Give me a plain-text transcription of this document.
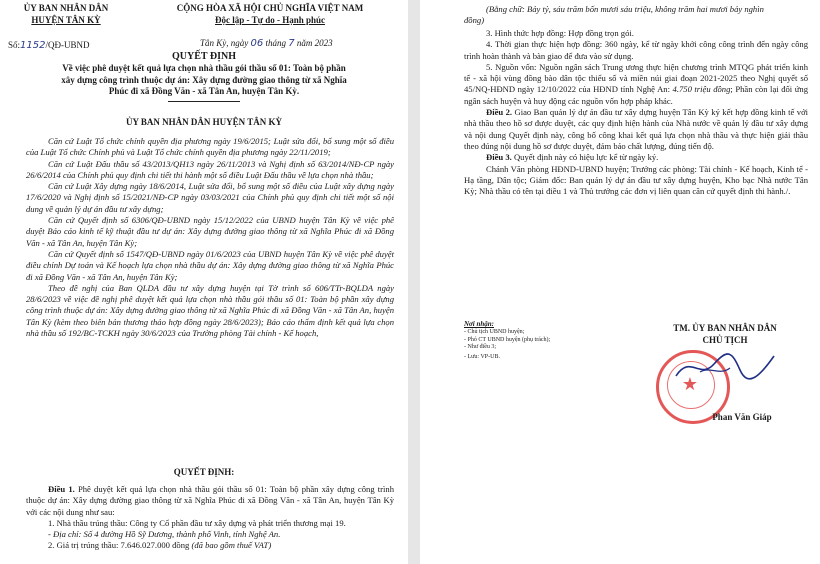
ỦY BAN NHÂN DÂN
HUYỆN TÂN KỲ
Số:1152/QĐ-UBND
CỘNG HÒA XÃ HỘI CHỦ NGHĨA VIỆT NAM
Độc lập - Tự do - Hạnh phúc
Tân Kỳ, ngày 06 tháng 7 năm 2023
QUYẾT ĐỊNH
Về việc phê duyệt kết quả lựa chọn nhà thầu gói thầu số 01: Toàn bộ phần
xây dựng công trình thuộc dự án: Xây dựng đường giao thông từ xã Nghĩa
Phúc đi xã Đồng Văn - xã Tân An, huyện Tân Kỳ.
ỦY BAN NHÂN DÂN HUYỆN TÂN KỲ

Căn cứ Luật Tổ chức chính quyền địa phương ngày 19/6/2015; Luật sửa đổi, bổ sung một số điều của Luật Tổ chức Chính phủ và Luật Tổ chức chính quyền địa phương ngày 22/11/2019;

Căn cứ Luật Đấu thầu số 43/2013/QH13 ngày 26/11/2013 và Nghị định số 63/2014/NĐ-CP ngày 26/6/2014 của Chính phủ quy định chi tiết thi hành một số điều Luật Đấu thầu về lựa chọn nhà thầu;

Căn cứ Luật Xây dựng ngày 18/6/2014, Luật sửa đổi, bổ sung một số điều của Luật xây dựng ngày 17/6/2020 và Nghị định số 15/2021/NĐ-CP ngày 03/03/2021 của Chính phủ quy định chi tiết một số nội dung về quản lý dự án đầu tư xây dựng;

Căn cứ Quyết định số 6306/QĐ-UBND ngày 15/12/2022 của UBND huyện Tân Kỳ về việc phê duyệt Báo cáo kinh tế kỹ thuật đầu tư dự án: Xây dựng đường giao thông từ xã Nghĩa Phúc đi xã Đồng Văn - xã Tân An, huyện Tân Kỳ;

Căn cứ Quyết định số 1547/QĐ-UBND ngày 01/6/2023 của UBND huyện Tân Kỳ về việc phê duyệt điều chỉnh Dự toán và Kế hoạch lựa chọn nhà thầu dự án: Xây dựng đường giao thông từ xã Nghĩa Phúc đi xã Đồng Văn - xã Tân An, huyện Tân Kỳ;

Theo đề nghị của Ban QLDA đầu tư xây dựng huyện tại Tờ trình số 606/TTr-BQLDA ngày 28/6/2023 về việc đề nghị phê duyệt kết quả lựa chọn nhà thầu gói thầu số 01: Toàn bộ phần xây dựng công trình thuộc dự án: Xây dựng đường giao thông từ xã Nghĩa Phúc đi xã Đồng Văn - xã Tân An, huyện Tân Kỳ (kèm theo biên bản thương thảo hợp đồng ngày 28/6/2023); Báo cáo thẩm định kết quả lựa chọn nhà thầu số 192/BC-TCKH ngày 30/6/2023 của Trường phòng Tài chính - Kế hoạch,

QUYẾT ĐỊNH:

Điều 1. Phê duyệt kết quả lựa chọn nhà thầu gói thầu số 01: Toàn bộ phần xây dựng công trình thuộc dự án: Xây dựng đường giao thông từ xã Nghĩa Phúc đi xã Đồng Văn - xã Tân An, huyện Tân Kỳ với các nội dung như sau:

1. Nhà thầu trúng thầu: Công ty Cổ phần đầu tư xây dựng và phát triển thương mại 19.

- Địa chỉ: Số 4 đường Hồ Sỹ Dương, thành phố Vinh, tỉnh Nghệ An.

2. Giá trị trúng thầu: 7.646.027.000 đồng (đã bao gồm thuế VAT)

(Bằng chữ: Bảy tỷ, sáu trăm bốn mươi sáu triệu, không trăm hai mươi bảy nghìn

đồng)

3. Hình thức hợp đồng: Hợp đồng trọn gói.

4. Thời gian thực hiện hợp đồng: 360 ngày, kể từ ngày khởi công công trình đến ngày công trình hoàn thành và bàn giao để đưa vào sử dụng.

5. Nguồn vốn: Nguồn ngân sách Trung ương thực hiện chương trình MTQG phát triển kinh tế - xã hội vùng đồng bào dân tộc thiểu số và miền núi giai đoạn 2021-2025 theo Nghị quyết số 45/NQ-HĐND ngày 12/10/2022 của HĐND tỉnh Nghệ An: 4.750 triệu đồng; Phần còn lại đối ứng ngân sách huyện và huy động các nguồn vốn hợp pháp khác.

Điều 2. Giao Ban quản lý dự án đầu tư xây dựng huyện Tân Kỳ ký kết hợp đồng kinh tế với nhà thầu theo hồ sơ được duyệt, các quy định hiện hành của Nhà nước về quản lý đầu tư xây dựng và nội dung Quyết định này, công bố công khai kết quả lựa chọn nhà thầu và thực hiện giải thầu theo đúng nội dung hồ sơ được duyệt, đảm bảo chất lượng, đúng tiến độ.

Điều 3. Quyết định này có hiệu lực kể từ ngày ký.

Chánh Văn phòng HĐND-UBND huyện; Trưởng các phòng: Tài chính - Kế hoạch, Kinh tế - Hạ tầng, Dân tộc; Giám đốc: Ban quản lý dự án đầu tư xây dựng huyện, Kho bạc Nhà nước Tân Kỳ; Nhà thầu có tên tại điều 1 và Thủ trưởng các đơn vị liên quan căn cứ quyết định thi hành./.

Nơi nhận:
- Chủ tịch UBND huyện;
- Phó CT UBND huyện (phụ trách);
- Như điều 3;
- Lưu: VP-UB.
TM. ỦY BAN NHÂN DÂN
CHỦ TỊCH
★
Phan Văn Giáp
